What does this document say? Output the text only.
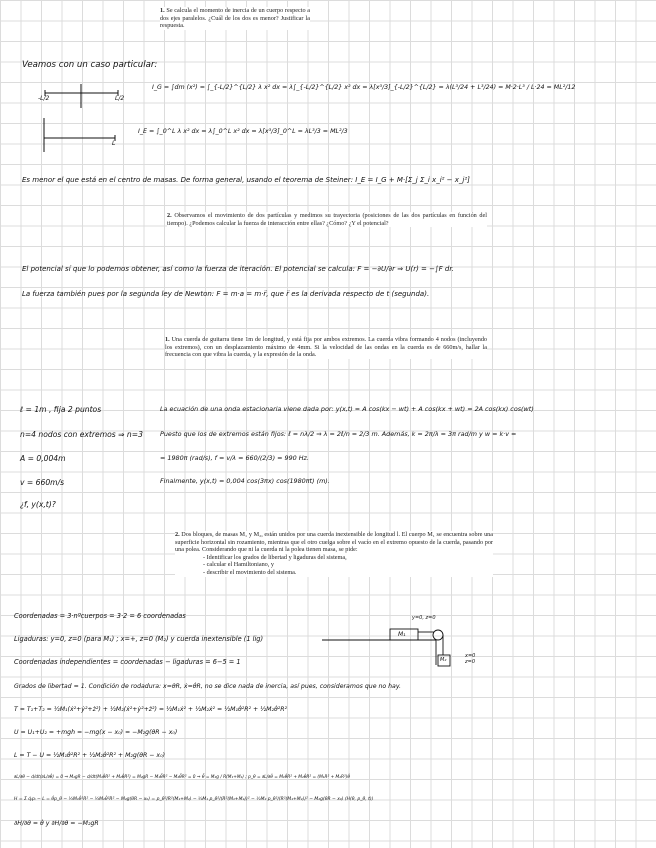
1. Se calcula el momento de inercia de un cuerpo respecto a dos ejes paralelos. ¿Cuál de los dos es menor? Justificar la respuesta.
Veamos con un caso particular:
-L/2	L/2
L
I_G = ∫dm (x²) = ∫_{-L/2}^{L/2} λ x² dx = λ∫_{-L/2}^{L/2} x² dx = λ[x³/3]_{-L/2}^{L/2} = λ(L³/24 + L³/24) = M·2·L³ / L·24 = ML²/12
I_E = ∫_0^L λ x² dx = λ∫_0^L x² dx = λ[x³/3]_0^L = λL³/3 = ML²/3
Es menor el que está en el centro de masas. De forma general, usando el teorema de Steiner: I_E = I_G + M·[Σ_j Σ_i x_i² − x_j²]
2. Observamos el movimiento de dos partículas y medimos su trayectoria (posiciones de las dos partículas en función del tiempo). ¿Podemos calcular la fuerza de interacción entre ellas? ¿Cómo? ¿Y el potencial?
El potencial sí que lo podemos obtener, así como la fuerza de iteración. El potencial se calcula: F = −∂U/∂r ⇒ U(r) = −∫F dr.
La fuerza también pues por la segunda ley de Newton: F = m·a = m·r̈, que r̈ es la derivada respecto de t (segunda).
1. Una cuerda de guitarra tiene 1m de longitud, y está fija por ambos extremos. La cuerda vibra formando 4 nodos (incluyendo los extremos), con un desplazamiento máximo de 4mm. Si la velocidad de las ondas en la cuerda es de 660m/s, hallar la frecuencia con que vibra la cuerda, y la expresión de la onda.
ℓ = 1m , fija 2 puntos
n=4 nodos con extremos ⇒ n=3
A = 0,004m
v = 660m/s
¿f, y(x,t)?
La ecuación de una onda estacionaria viene dada por: y(x,t) = A cos(kx − wt) + A cos(kx + wt) = 2A cos(kx) cos(wt)
Puesto que los de extremos están fijos: ℓ = nλ/2 ⇒ λ = 2ℓ/n = 2/3 m. Además, k = 2π/λ = 3π rad/m y w = k·v =
= 1980π (rad/s), f = v/λ = 660/(2/3) = 990 Hz.
Finalmente, y(x,t) = 0,004 cos(3πx) cos(1980πt) (m).
2. Dos bloques, de masas M₁ y M₂, están unidos por una cuerda inextensible de longitud l. El cuerpo M₁ se encuentra sobre una superficie horizontal sin rozamiento, mientras que el otro cuelga sobre el vacío en el extremo opuesto de la cuerda, pasando por una polea. Considerando que ni la cuerda ni la polea tienen masa, se pide:
- Identificar los grados de libertad y ligaduras del sistema,
- calcular el Hamiltoniano, y
- describir el movimiento del sistema.
Coordenadas = 3·nºcuerpos = 3·2 = 6 coordenadas
Ligaduras: y=0, z=0 (para M₁) ; x=+, z=0 (M₂) y cuerda inextensible (1 lig)
Coordenadas independientes = coordenadas − ligaduras = 6−5 = 1
Grados de libertad = 1. Condición de rodadura: x=θR, ẋ=θ̇R, no se dice nada de inercia, así pues, consideramos que no hay.
T = T₁+T₂ = ½M₁(ẋ²+ẏ²+ż²) + ½M₂(ẋ²+ẏ²+ż²) = ½M₁ẋ² + ½M₂ẋ² = ½M₁θ̇²R² + ½M₂θ̇²R²
U = U₁+U₂ = +mgh = −mg(x − x₀) = −M₂g(θR − x₀)
L = T − U = ½M₁θ̇²R² + ½M₂θ̇²R² + M₂g(θR − x₀)
∂L/∂θ − d/dt(∂L/∂θ̇) = 0 ⇒ M₂gR − d/dt(M₁θ̇R² + M₂θ̇R²) = M₂gR − M₁θ̈R² − M₂θ̈R² = 0 ⇒ θ̈ = M₂g / R(M₁+M₂) ; p_θ = ∂L/∂θ̇ = M₁θ̇R² + M₂θ̇R² = (M₁R² + M₂R²)θ̇
H = Σ q̇ᵢpᵢ − L = θ̇p_θ − ½M₁θ̇²R² − ½M₂θ̇²R² − M₂g(θR − x₀) = p_θ²/R²(M₁+M₂) − ½M₁ p_θ²/(R²(M₁+M₂))² − ½M₂ p_θ²/(R²(M₁+M₂))² − M₂g(θR − x₀) (H(θ, p_θ, t))
∂H/∂θ = θ̇ y ∂H/∂θ = −M₂gR
M₁
M₂
y=0, z=0
x=0 z=0
